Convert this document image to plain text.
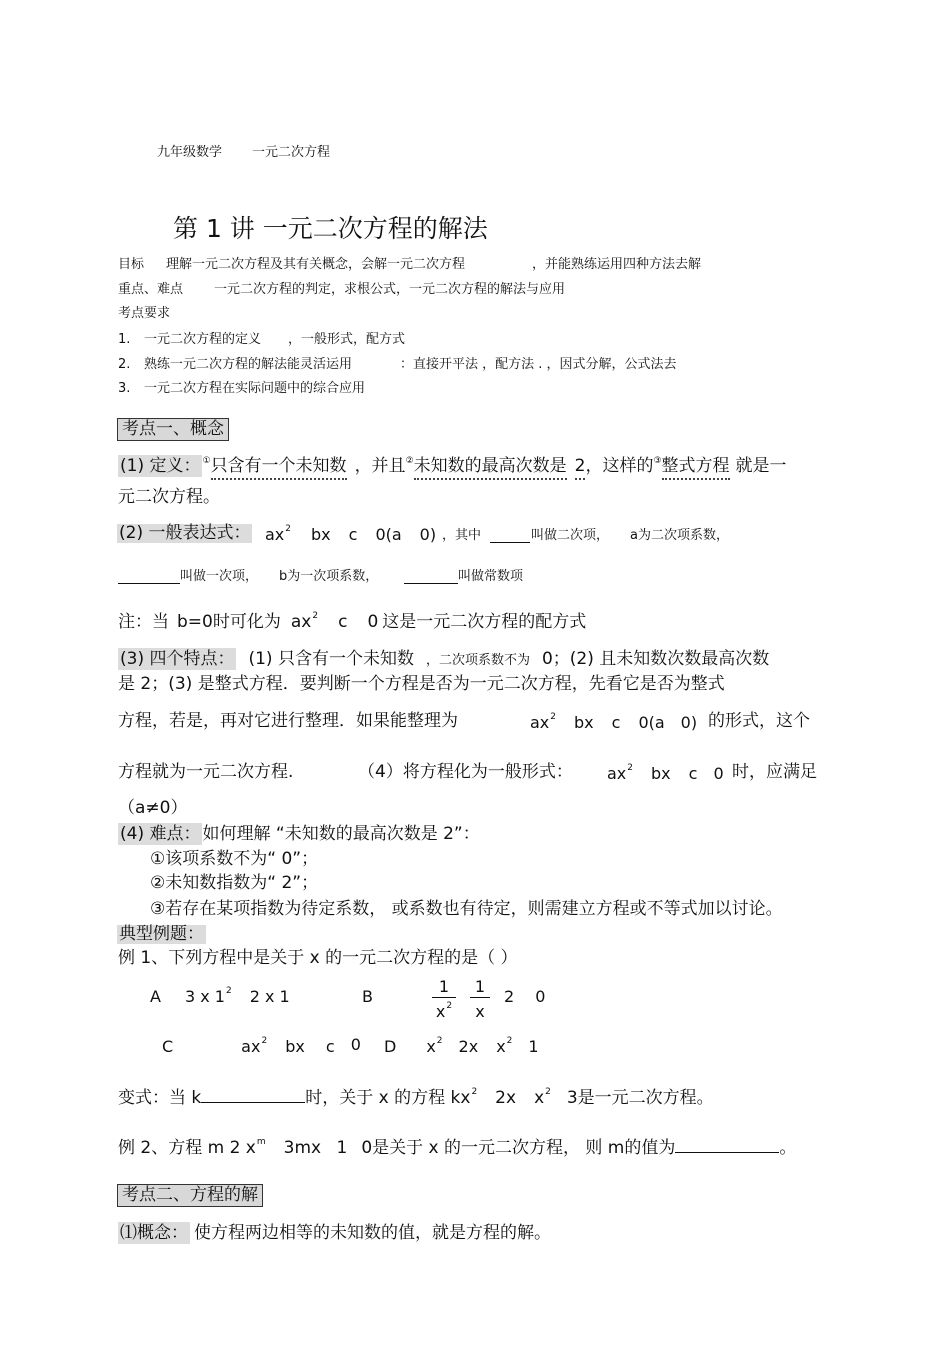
九年级数学 一元二次方程
第 1 讲 一元二次方程的解法
目标 理解一元二次方程及其有关概念，会解一元二次方程	，并能熟练运用四种方法去解
重点、难点 一元二次方程的判定，求根公式，一元二次方程的解法与应用
考点要求
1. 一元二次方程的定义 ，一般形式，配方式
2. 熟练一元二次方程的解法能灵活运用	：直接开平法 ，配方法 . ，因式分解，公式法去
3. 一元二次方程在实际问题中的综合应用
考点一、概念
(1) 定义： ①只含有一个未知数 ，并且②未知数的最高次数是 2，这样的③整式方程 就是一
元二次方程。
(2) 一般表达式： $ax^2$ bx c 0(a 0) ，其中	叫做二次项， a为二次项系数，
叫做一次项， b为一次项系数，	叫做常数项
注：当 b=0时可化为 $ax^2$ c 0 这是一元二次方程的配方式
(3) 四个特点： (1) 只含有一个未知数 ，二次项系数不为 0；(2) 且未知数次数最高次数
是 2；(3) 是整式方程．要判断一个方程是否为一元二次方程，先看它是否为整式
方程，若是，再对它进行整理．如果能整理为	$ax^2$ bx c 0(a 0) 的形式，这个
方程就为一元二次方程.	（4）将方程化为一般形式： $ax^2$ bx c 0 时，应满足
（a≠0）
(4) 难点： 如何理解 “未知数的最高次数是 2”：
①该项系数不为“ 0”；
②未知数指数为“ 2”；
③若存在某项指数为待定系数， 或系数也有待定，则需建立方程或不等式加以讨论。
典型例题：
例 1、下列方程中是关于 x 的一元二次方程的是（ ）
A 3 x $1^2$ 2 x 1	B
1
$x^2$
1
x
2 0
C	$ax^2$ bx c 0 D $x^2$ 2x $x^2$ 1
变式：当 k	时，关于 x 的方程 $kx^2$ 2x $x^2$ 3是一元二次方程。
例 2、方程 m 2 $x^m$ 3mx 1 0是关于 x 的一元二次方程， 则 m的值为	。
考点二、方程的解
⑴概念： 使方程两边相等的未知数的值，就是方程的解。
